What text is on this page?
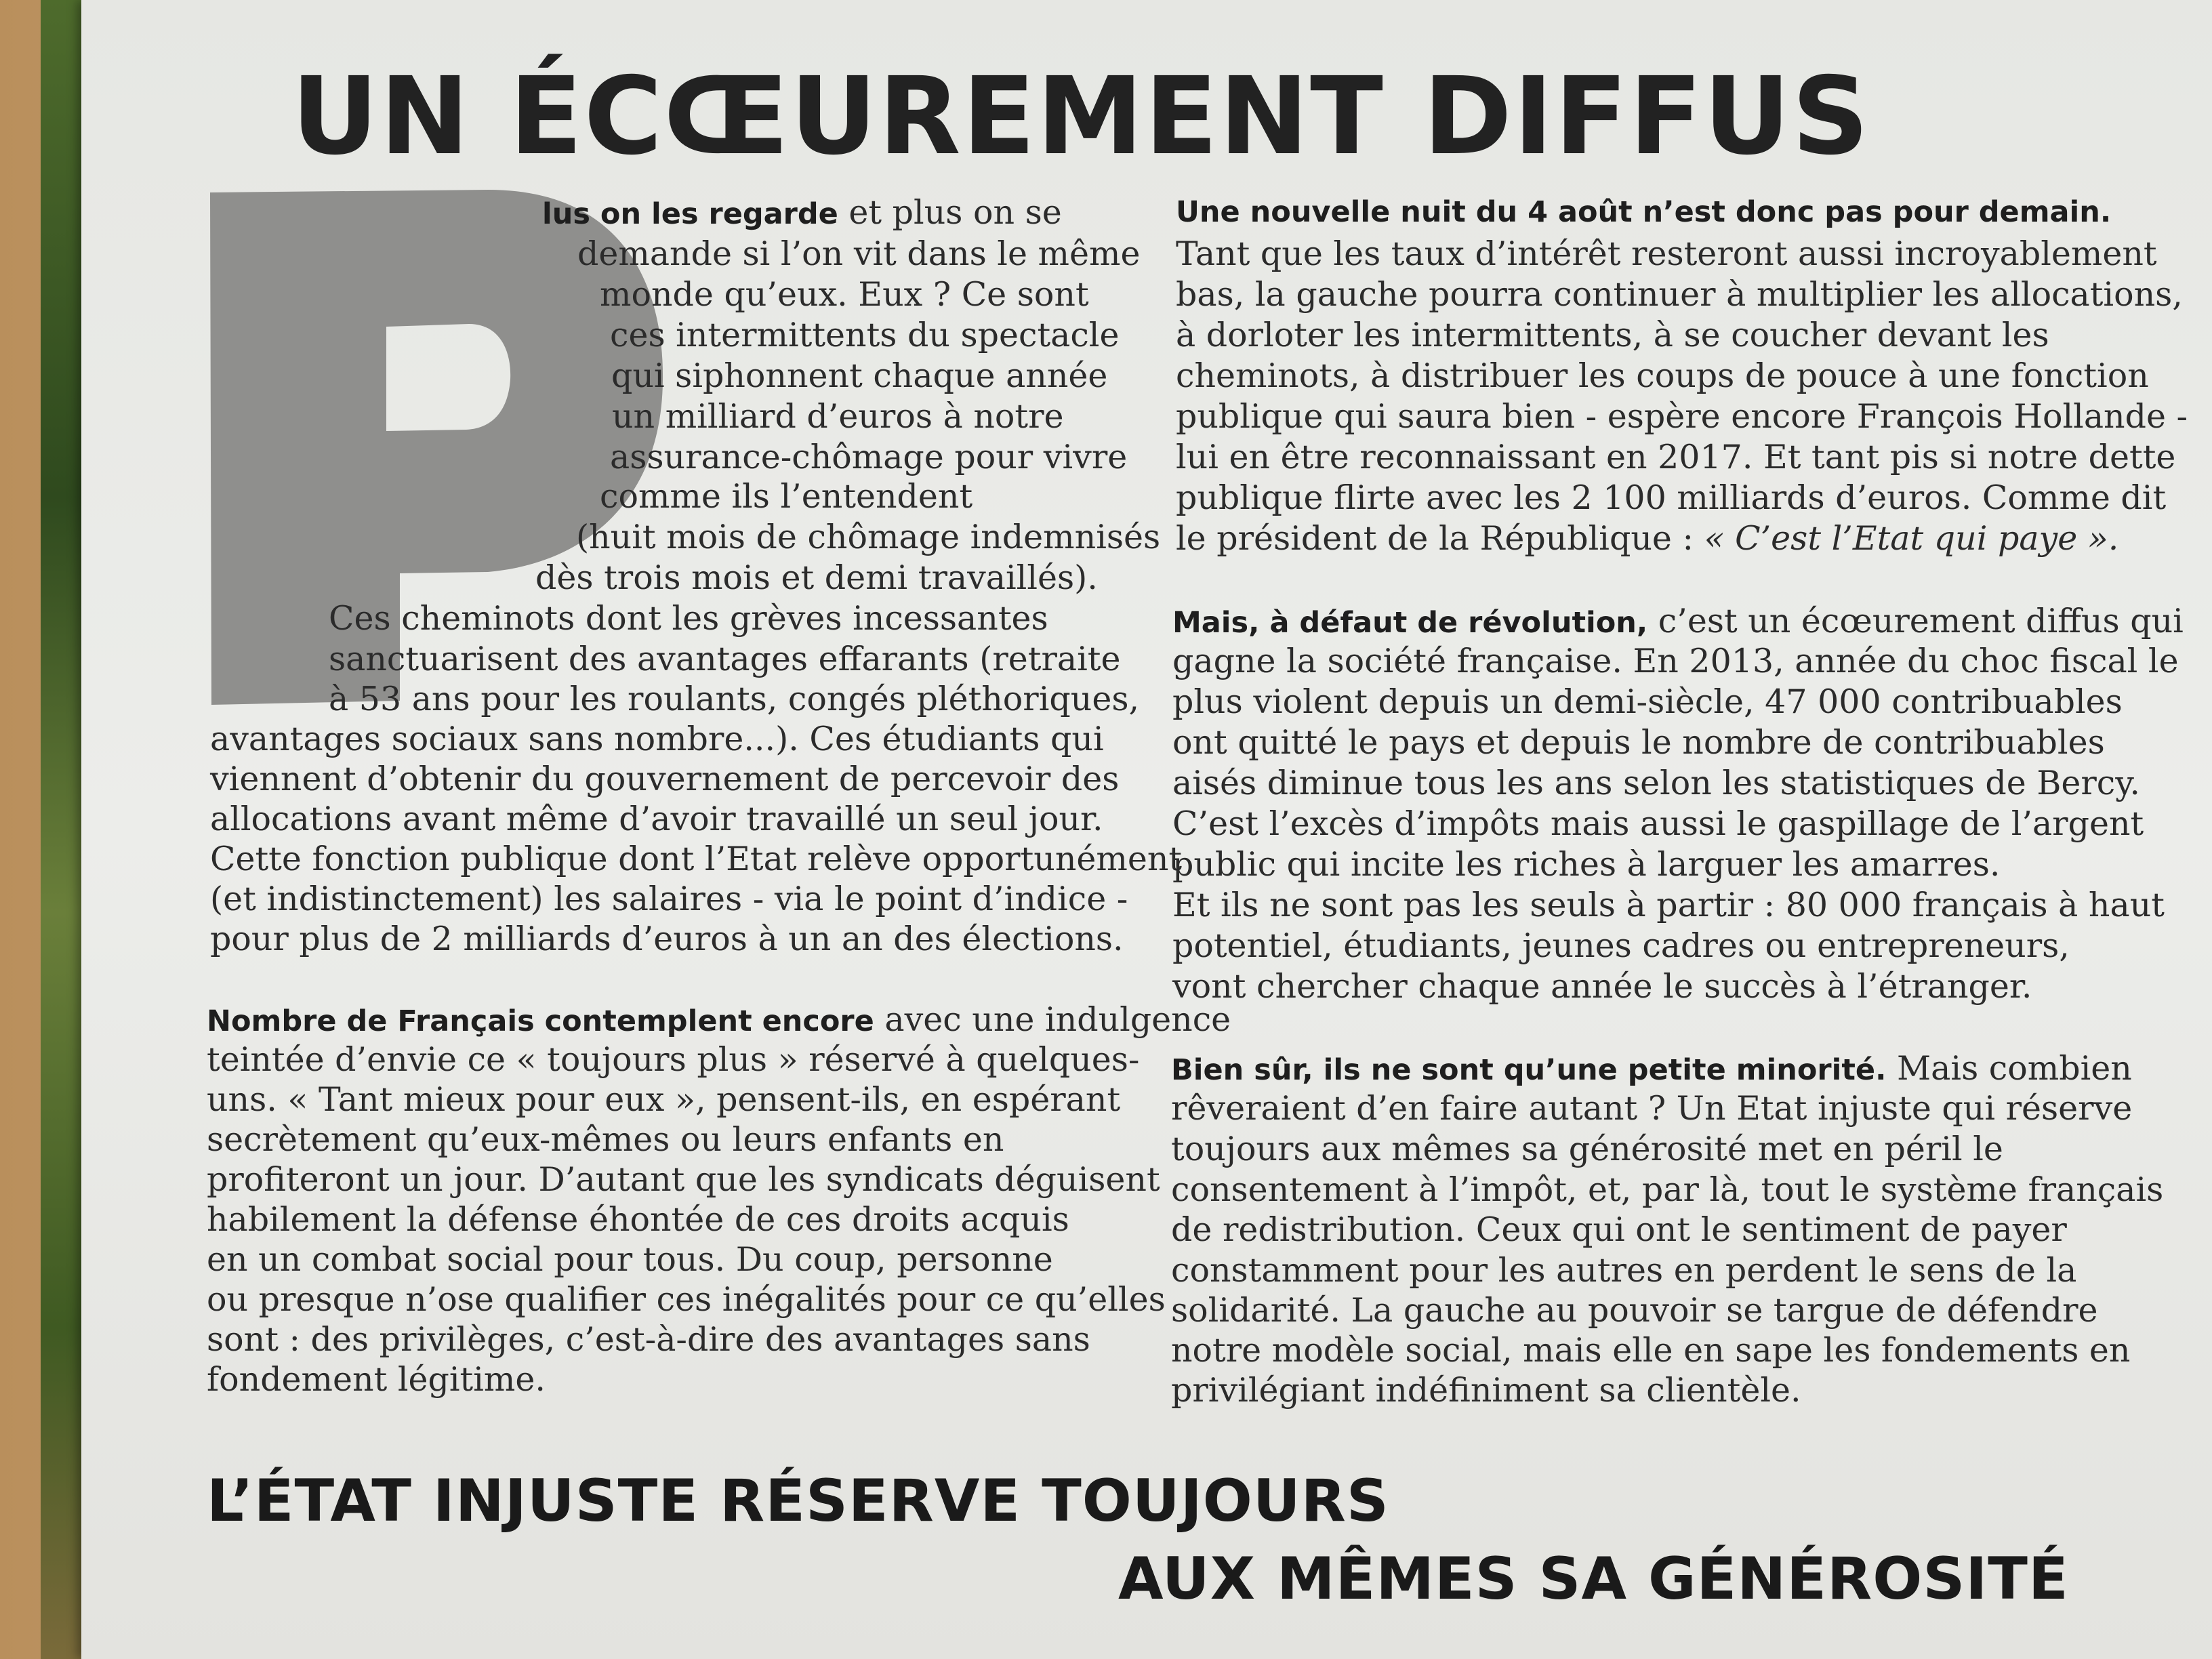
UN ÉCŒUREMENT DIFFUS

lus on les regarde et plus on se

demande si l’on vit dans le même

monde qu’eux. Eux ? Ce sont

ces intermittents du spectacle

qui siphonnent chaque année

un milliard d’euros à notre

assurance-chômage pour vivre

comme ils l’entendent

(huit mois de chômage indemnisés

dès trois mois et demi travaillés).

Ces cheminots dont les grèves incessantes

sanctuarisent des avantages effarants (retraite

à 53 ans pour les roulants, congés pléthoriques,

avantages sociaux sans nombre...). Ces étudiants qui

viennent d’obtenir du gouvernement de percevoir des

allocations avant même d’avoir travaillé un seul jour.

Cette fonction publique dont l’Etat relève opportunément

(et indistinctement) les salaires - via le point d’indice -

pour plus de 2 milliards d’euros à un an des élections.

Nombre de Français contemplent encore avec une indulgence

teintée d’envie ce « toujours plus » réservé à quelques-

uns. « Tant mieux pour eux », pensent-ils, en espérant

secrètement qu’eux-mêmes ou leurs enfants en

profiteront un jour. D’autant que les syndicats déguisent

habilement la défense éhontée de ces droits acquis

en un combat social pour tous. Du coup, personne

ou presque n’ose qualifier ces inégalités pour ce qu’elles

sont : des privilèges, c’est-à-dire des avantages sans

fondement légitime.

Une nouvelle nuit du 4 août n’est donc pas pour demain.

Tant que les taux d’intérêt resteront aussi incroyablement

bas, la gauche pourra continuer à multiplier les allocations,

à dorloter les intermittents, à se coucher devant les

cheminots, à distribuer les coups de pouce à une fonction

publique qui saura bien - espère encore François Hollande -

lui en être reconnaissant en 2017. Et tant pis si notre dette

publique flirte avec les 2 100 milliards d’euros. Comme dit

le président de la République : « C’est l’Etat qui paye ».

Mais, à défaut de révolution, c’est un écœurement diffus qui

gagne la société française. En 2013, année du choc fiscal le

plus violent depuis un demi-siècle, 47 000 contribuables

ont quitté le pays et depuis le nombre de contribuables

aisés diminue tous les ans selon les statistiques de Bercy.

C’est l’excès d’impôts mais aussi le gaspillage de l’argent

public qui incite les riches à larguer les amarres.

Et ils ne sont pas les seuls à partir : 80 000 français à haut

potentiel, étudiants, jeunes cadres ou entrepreneurs,

vont chercher chaque année le succès à l’étranger.

Bien sûr, ils ne sont qu’une petite minorité. Mais combien

rêveraient d’en faire autant ? Un Etat injuste qui réserve

toujours aux mêmes sa générosité met en péril le

consentement à l’impôt, et, par là, tout le système français

de redistribution. Ceux qui ont le sentiment de payer

constamment pour les autres en perdent le sens de la

solidarité. La gauche au pouvoir se targue de défendre

notre modèle social, mais elle en sape les fondements en

privilégiant indéfiniment sa clientèle.

L’ÉTAT INJUSTE RÉSERVE TOUJOURS

AUX MÊMES SA GÉNÉROSITÉ
